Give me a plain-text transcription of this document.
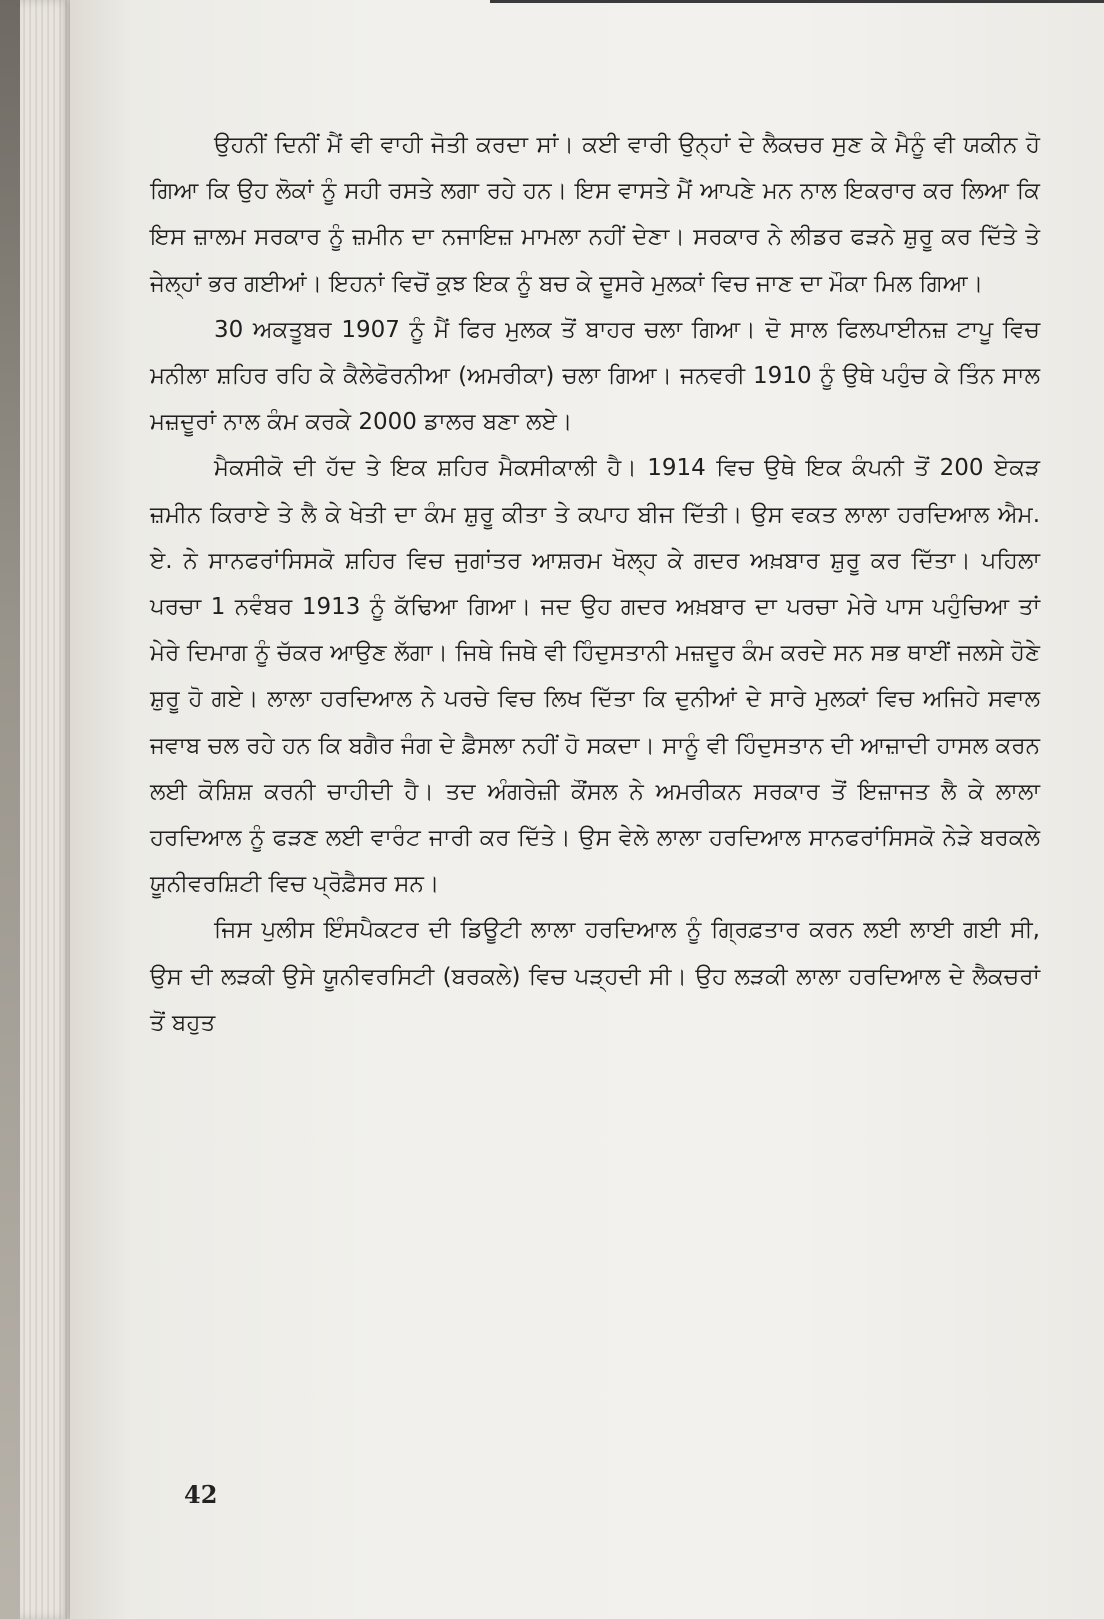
ਉਹਨੀਂ ਦਿਨੀਂ ਮੈਂ ਵੀ ਵਾਹੀ ਜੋਤੀ ਕਰਦਾ ਸਾਂ। ਕਈ ਵਾਰੀ ਉਨ੍ਹਾਂ ਦੇ ਲੈਕਚਰ ਸੁਣ ਕੇ ਮੈਨੂੰ ਵੀ ਯਕੀਨ ਹੋ ਗਿਆ ਕਿ ਉਹ ਲੋਕਾਂ ਨੂੰ ਸਹੀ ਰਸਤੇ ਲਗਾ ਰਹੇ ਹਨ। ਇਸ ਵਾਸਤੇ ਮੈਂ ਆਪਣੇ ਮਨ ਨਾਲ ਇਕਰਾਰ ਕਰ ਲਿਆ ਕਿ ਇਸ ਜ਼ਾਲਮ ਸਰਕਾਰ ਨੂੰ ਜ਼ਮੀਨ ਦਾ ਨਜਾਇਜ਼ ਮਾਮਲਾ ਨਹੀਂ ਦੇਣਾ। ਸਰਕਾਰ ਨੇ ਲੀਡਰ ਫੜਨੇ ਸ਼ੁਰੂ ਕਰ ਦਿੱਤੇ ਤੇ ਜੇਲ੍ਹਾਂ ਭਰ ਗਈਆਂ। ਇਹਨਾਂ ਵਿਚੋਂ ਕੁਝ ਇਕ ਨੂੰ ਬਚ ਕੇ ਦੂਸਰੇ ਮੁਲਕਾਂ ਵਿਚ ਜਾਣ ਦਾ ਮੌਕਾ ਮਿਲ ਗਿਆ।

30 ਅਕਤੂਬਰ 1907 ਨੂੰ ਮੈਂ ਫਿਰ ਮੁਲਕ ਤੋਂ ਬਾਹਰ ਚਲਾ ਗਿਆ। ਦੋ ਸਾਲ ਫਿਲਪਾਈਨਜ਼ ਟਾਪੂ ਵਿਚ ਮਨੀਲਾ ਸ਼ਹਿਰ ਰਹਿ ਕੇ ਕੈਲੇਫੋਰਨੀਆ (ਅਮਰੀਕਾ) ਚਲਾ ਗਿਆ। ਜਨਵਰੀ 1910 ਨੂੰ ਉਥੇ ਪਹੁੰਚ ਕੇ ਤਿੰਨ ਸਾਲ ਮਜ਼ਦੂਰਾਂ ਨਾਲ ਕੰਮ ਕਰਕੇ 2000 ਡਾਲਰ ਬਣਾ ਲਏ।

ਮੈਕਸੀਕੋ ਦੀ ਹੱਦ ਤੇ ਇਕ ਸ਼ਹਿਰ ਮੈਕਸੀਕਾਲੀ ਹੈ। 1914 ਵਿਚ ਉਥੇ ਇਕ ਕੰਪਨੀ ਤੋਂ 200 ਏਕੜ ਜ਼ਮੀਨ ਕਿਰਾਏ ਤੇ ਲੈ ਕੇ ਖੇਤੀ ਦਾ ਕੰਮ ਸ਼ੁਰੂ ਕੀਤਾ ਤੇ ਕਪਾਹ ਬੀਜ ਦਿੱਤੀ। ਉਸ ਵਕਤ ਲਾਲਾ ਹਰਦਿਆਲ ਐਮ. ਏ. ਨੇ ਸਾਨਫਰਾਂਸਿਸਕੋ ਸ਼ਹਿਰ ਵਿਚ ਜੁਗਾਂਤਰ ਆਸ਼ਰਮ ਖੋਲ੍ਹ ਕੇ ਗਦਰ ਅਖ਼ਬਾਰ ਸ਼ੁਰੂ ਕਰ ਦਿੱਤਾ। ਪਹਿਲਾ ਪਰਚਾ 1 ਨਵੰਬਰ 1913 ਨੂੰ ਕੱਢਿਆ ਗਿਆ। ਜਦ ਉਹ ਗਦਰ ਅਖ਼ਬਾਰ ਦਾ ਪਰਚਾ ਮੇਰੇ ਪਾਸ ਪਹੁੰਚਿਆ ਤਾਂ ਮੇਰੇ ਦਿਮਾਗ ਨੂੰ ਚੱਕਰ ਆਉਣ ਲੱਗਾ। ਜਿਥੇ ਜਿਥੇ ਵੀ ਹਿੰਦੁਸਤਾਨੀ ਮਜ਼ਦੂਰ ਕੰਮ ਕਰਦੇ ਸਨ ਸਭ ਥਾਈਂ ਜਲਸੇ ਹੋਣੇ ਸ਼ੁਰੂ ਹੋ ਗਏ। ਲਾਲਾ ਹਰਦਿਆਲ ਨੇ ਪਰਚੇ ਵਿਚ ਲਿਖ ਦਿੱਤਾ ਕਿ ਦੁਨੀਆਂ ਦੇ ਸਾਰੇ ਮੁਲਕਾਂ ਵਿਚ ਅਜਿਹੇ ਸਵਾਲ ਜਵਾਬ ਚਲ ਰਹੇ ਹਨ ਕਿ ਬਗੈਰ ਜੰਗ ਦੇ ਫ਼ੈਸਲਾ ਨਹੀਂ ਹੋ ਸਕਦਾ। ਸਾਨੂੰ ਵੀ ਹਿੰਦੁਸਤਾਨ ਦੀ ਆਜ਼ਾਦੀ ਹਾਸਲ ਕਰਨ ਲਈ ਕੋਸ਼ਿਸ਼ ਕਰਨੀ ਚਾਹੀਦੀ ਹੈ। ਤਦ ਅੰਗਰੇਜ਼ੀ ਕੌਂਸਲ ਨੇ ਅਮਰੀਕਨ ਸਰਕਾਰ ਤੋਂ ਇਜ਼ਾਜਤ ਲੈ ਕੇ ਲਾਲਾ ਹਰਦਿਆਲ ਨੂੰ ਫੜਣ ਲਈ ਵਾਰੰਟ ਜਾਰੀ ਕਰ ਦਿੱਤੇ। ਉਸ ਵੇਲੇ ਲਾਲਾ ਹਰਦਿਆਲ ਸਾਨਫਰਾਂਸਿਸਕੋ ਨੇੜੇ ਬਰਕਲੇ ਯੂਨੀਵਰਸ਼ਿਟੀ ਵਿਚ ਪ੍ਰੋਫ਼ੈਸਰ ਸਨ।

ਜਿਸ ਪੁਲੀਸ ਇੰਸਪੈਕਟਰ ਦੀ ਡਿਊਟੀ ਲਾਲਾ ਹਰਦਿਆਲ ਨੂੰ ਗ੍ਰਿਫ਼ਤਾਰ ਕਰਨ ਲਈ ਲਾਈ ਗਈ ਸੀ, ਉਸ ਦੀ ਲੜਕੀ ਉਸੇ ਯੂਨੀਵਰਸਿਟੀ (ਬਰਕਲੇ) ਵਿਚ ਪੜ੍ਹਦੀ ਸੀ। ਉਹ ਲੜਕੀ ਲਾਲਾ ਹਰਦਿਆਲ ਦੇ ਲੈਕਚਰਾਂ ਤੋਂ ਬਹੁਤ

42
